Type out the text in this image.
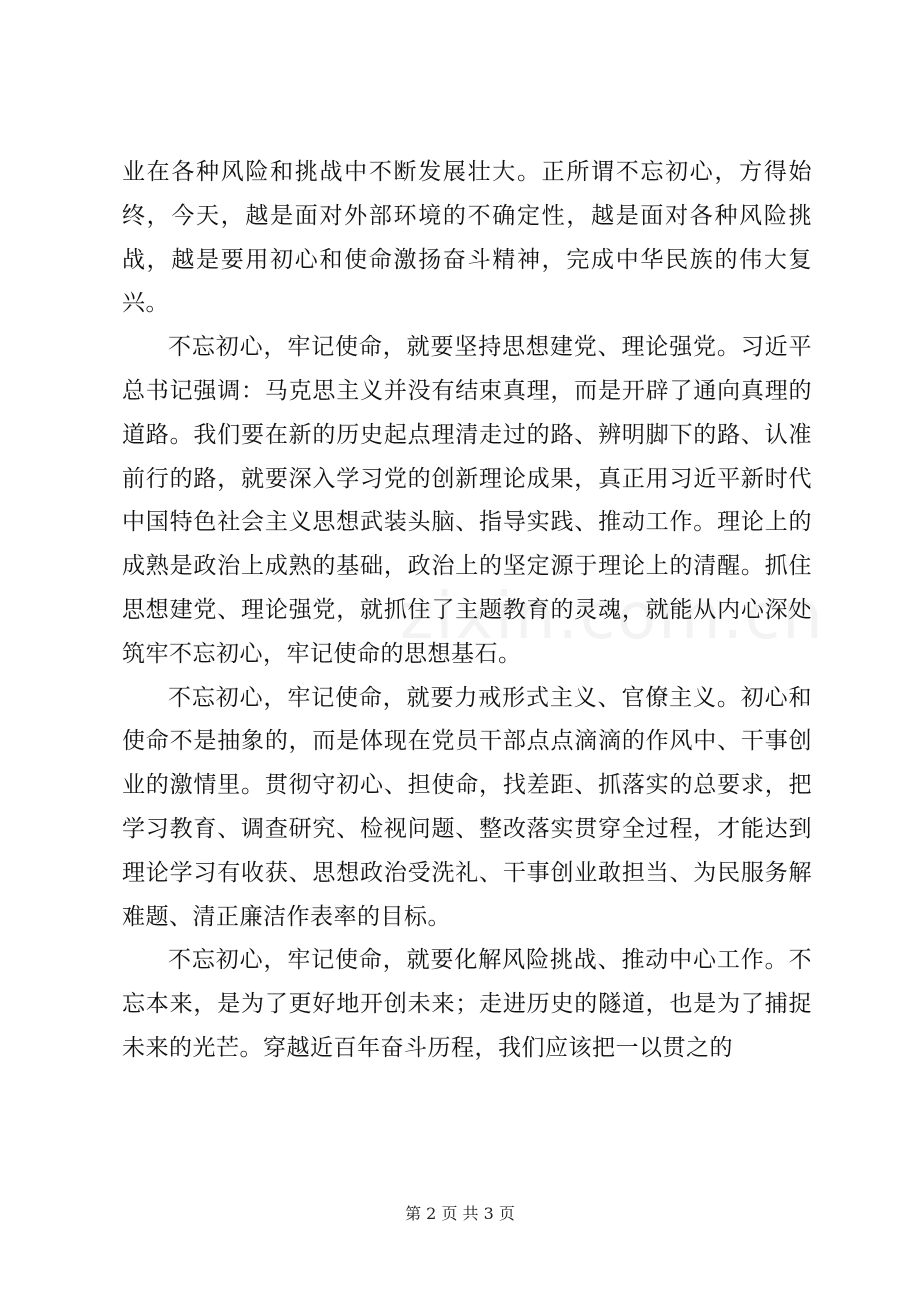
业在各种风险和挑战中不断发展壮大。正所谓不忘初心，方得始终，今天，越是面对外部环境的不确定性，越是面对各种风险挑战，越是要用初心和使命激扬奋斗精神，完成中华民族的伟大复兴。

不忘初心，牢记使命，就要坚持思想建党、理论强党。习近平总书记强调：马克思主义并没有结束真理，而是开辟了通向真理的道路。我们要在新的历史起点理清走过的路、辨明脚下的路、认准前行的路，就要深入学习党的创新理论成果，真正用习近平新时代中国特色社会主义思想武装头脑、指导实践、推动工作。理论上的成熟是政治上成熟的基础，政治上的坚定源于理论上的清醒。抓住思想建党、理论强党，就抓住了主题教育的灵魂，就能从内心深处筑牢不忘初心，牢记使命的思想基石。

不忘初心，牢记使命，就要力戒形式主义、官僚主义。初心和使命不是抽象的，而是体现在党员干部点点滴滴的作风中、干事创业的激情里。贯彻守初心、担使命，找差距、抓落实的总要求，把学习教育、调查研究、检视问题、整改落实贯穿全过程，才能达到理论学习有收获、思想政治受洗礼、干事创业敢担当、为民服务解难题、清正廉洁作表率的目标。

不忘初心，牢记使命，就要化解风险挑战、推动中心工作。不忘本来，是为了更好地开创未来；走进历史的隧道，也是为了捕捉未来的光芒。穿越近百年奋斗历程，我们应该把一以贯之的

第 2 页 共 3 页
